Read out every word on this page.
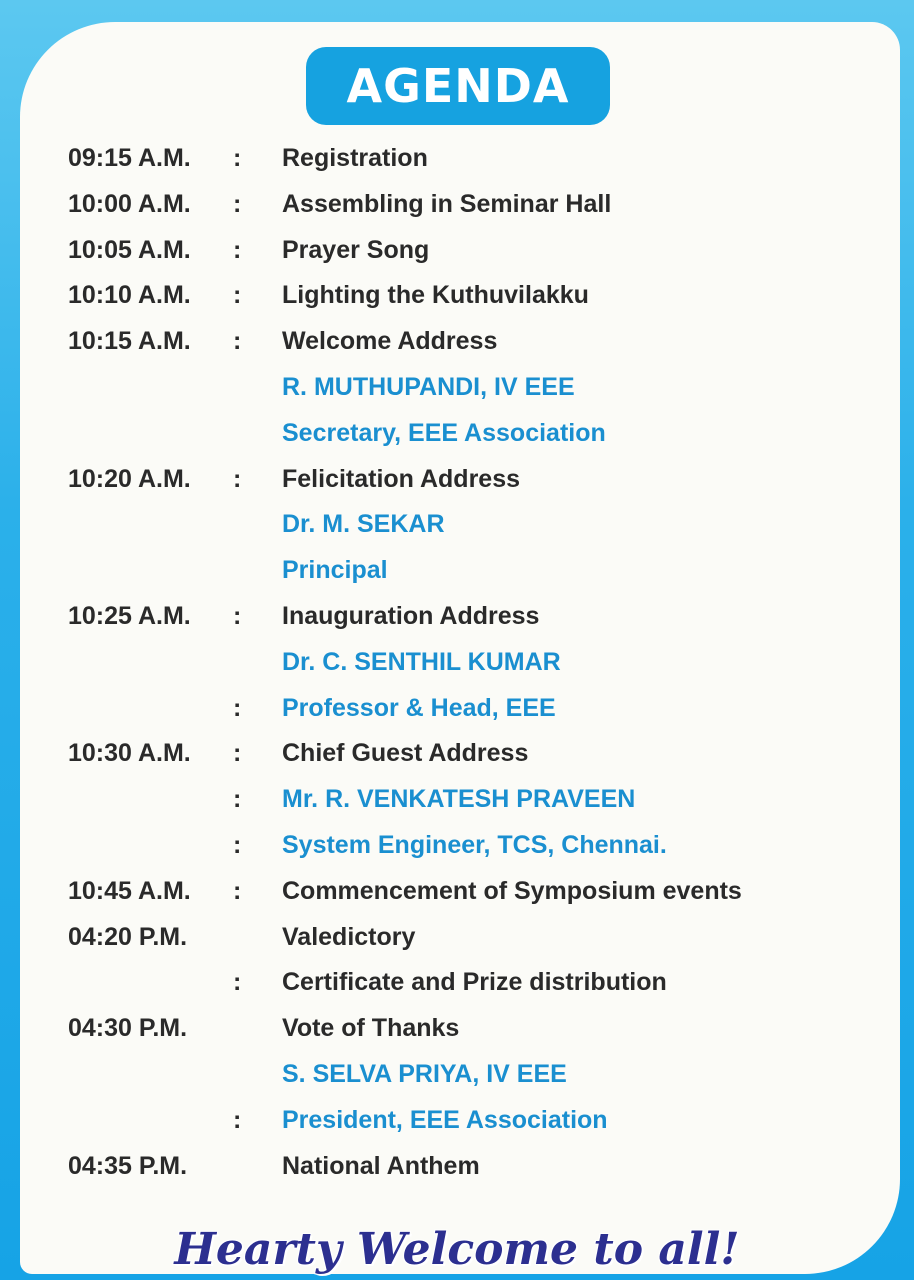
AGENDA
09:15 A.M. : Registration
10:00 A.M. : Assembling in Seminar Hall
10:05 A.M. : Prayer Song
10:10 A.M. : Lighting the Kuthuvilakku
10:15 A.M. : Welcome Address
R. MUTHUPANDI, IV EEE
Secretary, EEE Association
10:20 A.M. : Felicitation Address
Dr. M. SEKAR
Principal
10:25 A.M. : Inauguration Address
Dr. C. SENTHIL KUMAR
: Professor & Head, EEE
10:30 A.M. : Chief Guest Address
: Mr. R. VENKATESH PRAVEEN
: System Engineer, TCS, Chennai.
10:45 A.M. : Commencement of Symposium events
04:20 P.M.	Valedictory
: Certificate and Prize distribution
04:30 P.M.	Vote of Thanks
S. SELVA PRIYA, IV EEE
: President, EEE Association
04:35 P.M.	National Anthem
Hearty Welcome to all!
